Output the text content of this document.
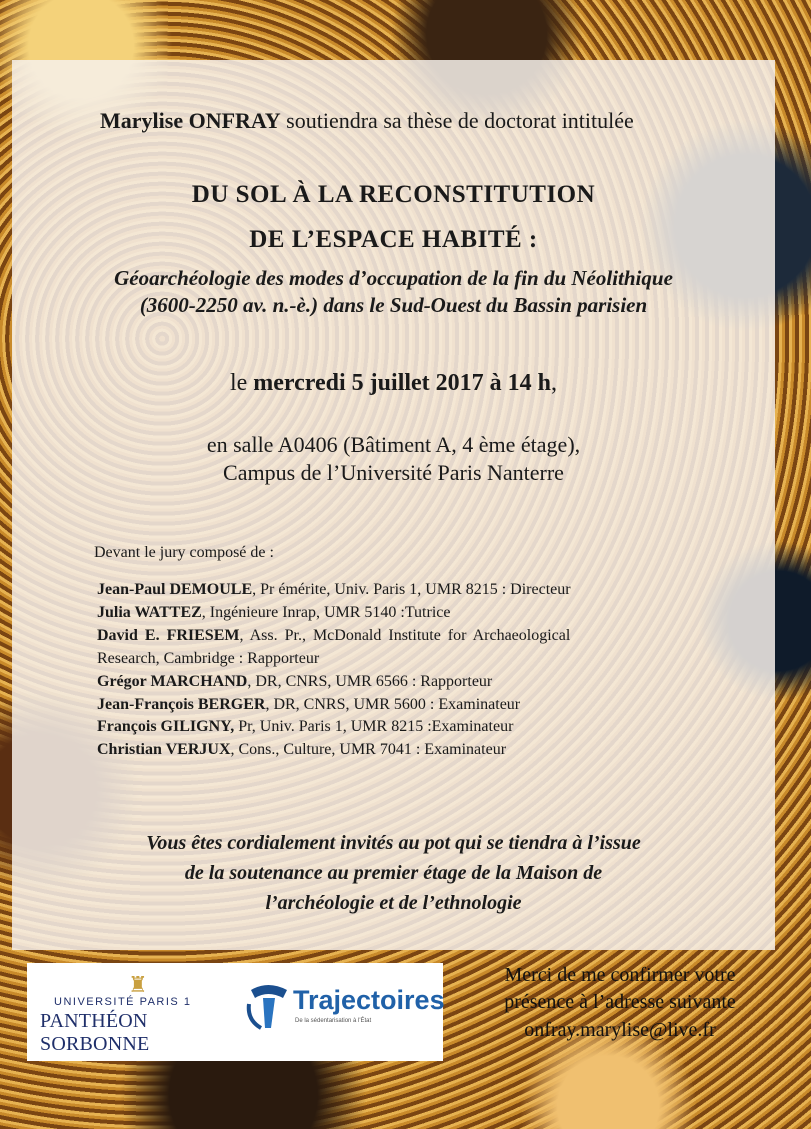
Marylise ONFRAY soutiendra sa thèse de doctorat intitulée
DU SOL À LA RECONSTITUTION
DE L’ESPACE HABITÉ :
Géoarchéologie des modes d’occupation de la fin du Néolithique
(3600-2250 av. n.-è.) dans le Sud-Ouest du Bassin parisien
le mercredi 5 juillet 2017 à 14 h,
en salle A0406 (Bâtiment A, 4 ème étage),
Campus de l’Université Paris Nanterre
Devant le jury composé de :
Jean-Paul DEMOULE, Pr émérite, Univ. Paris 1, UMR 8215 : Directeur
Julia WATTEZ, Ingénieure Inrap, UMR 5140 :Tutrice
David E. FRIESEM, Ass. Pr., McDonald Institute for Archaeological
Research, Cambridge : Rapporteur
Grégor MARCHAND, DR, CNRS, UMR 6566 : Rapporteur
Jean-François BERGER, DR, CNRS, UMR 5600 : Examinateur
François GILIGNY, Pr, Univ. Paris 1, UMR 8215 :Examinateur
Christian VERJUX, Cons., Culture, UMR 7041 : Examinateur
Vous êtes cordialement invités au pot qui se tiendra à l’issue
de la soutenance au premier étage de la Maison de
l’archéologie et de l’ethnologie
♜
UNIVERSITÉ PARIS 1
PANTHÉON SORBONNE
Trajectoires
De la sédentarisation à l'État
Merci de me confirmer votre
présence à l’adresse suivante
onfray.marylise@live.fr
